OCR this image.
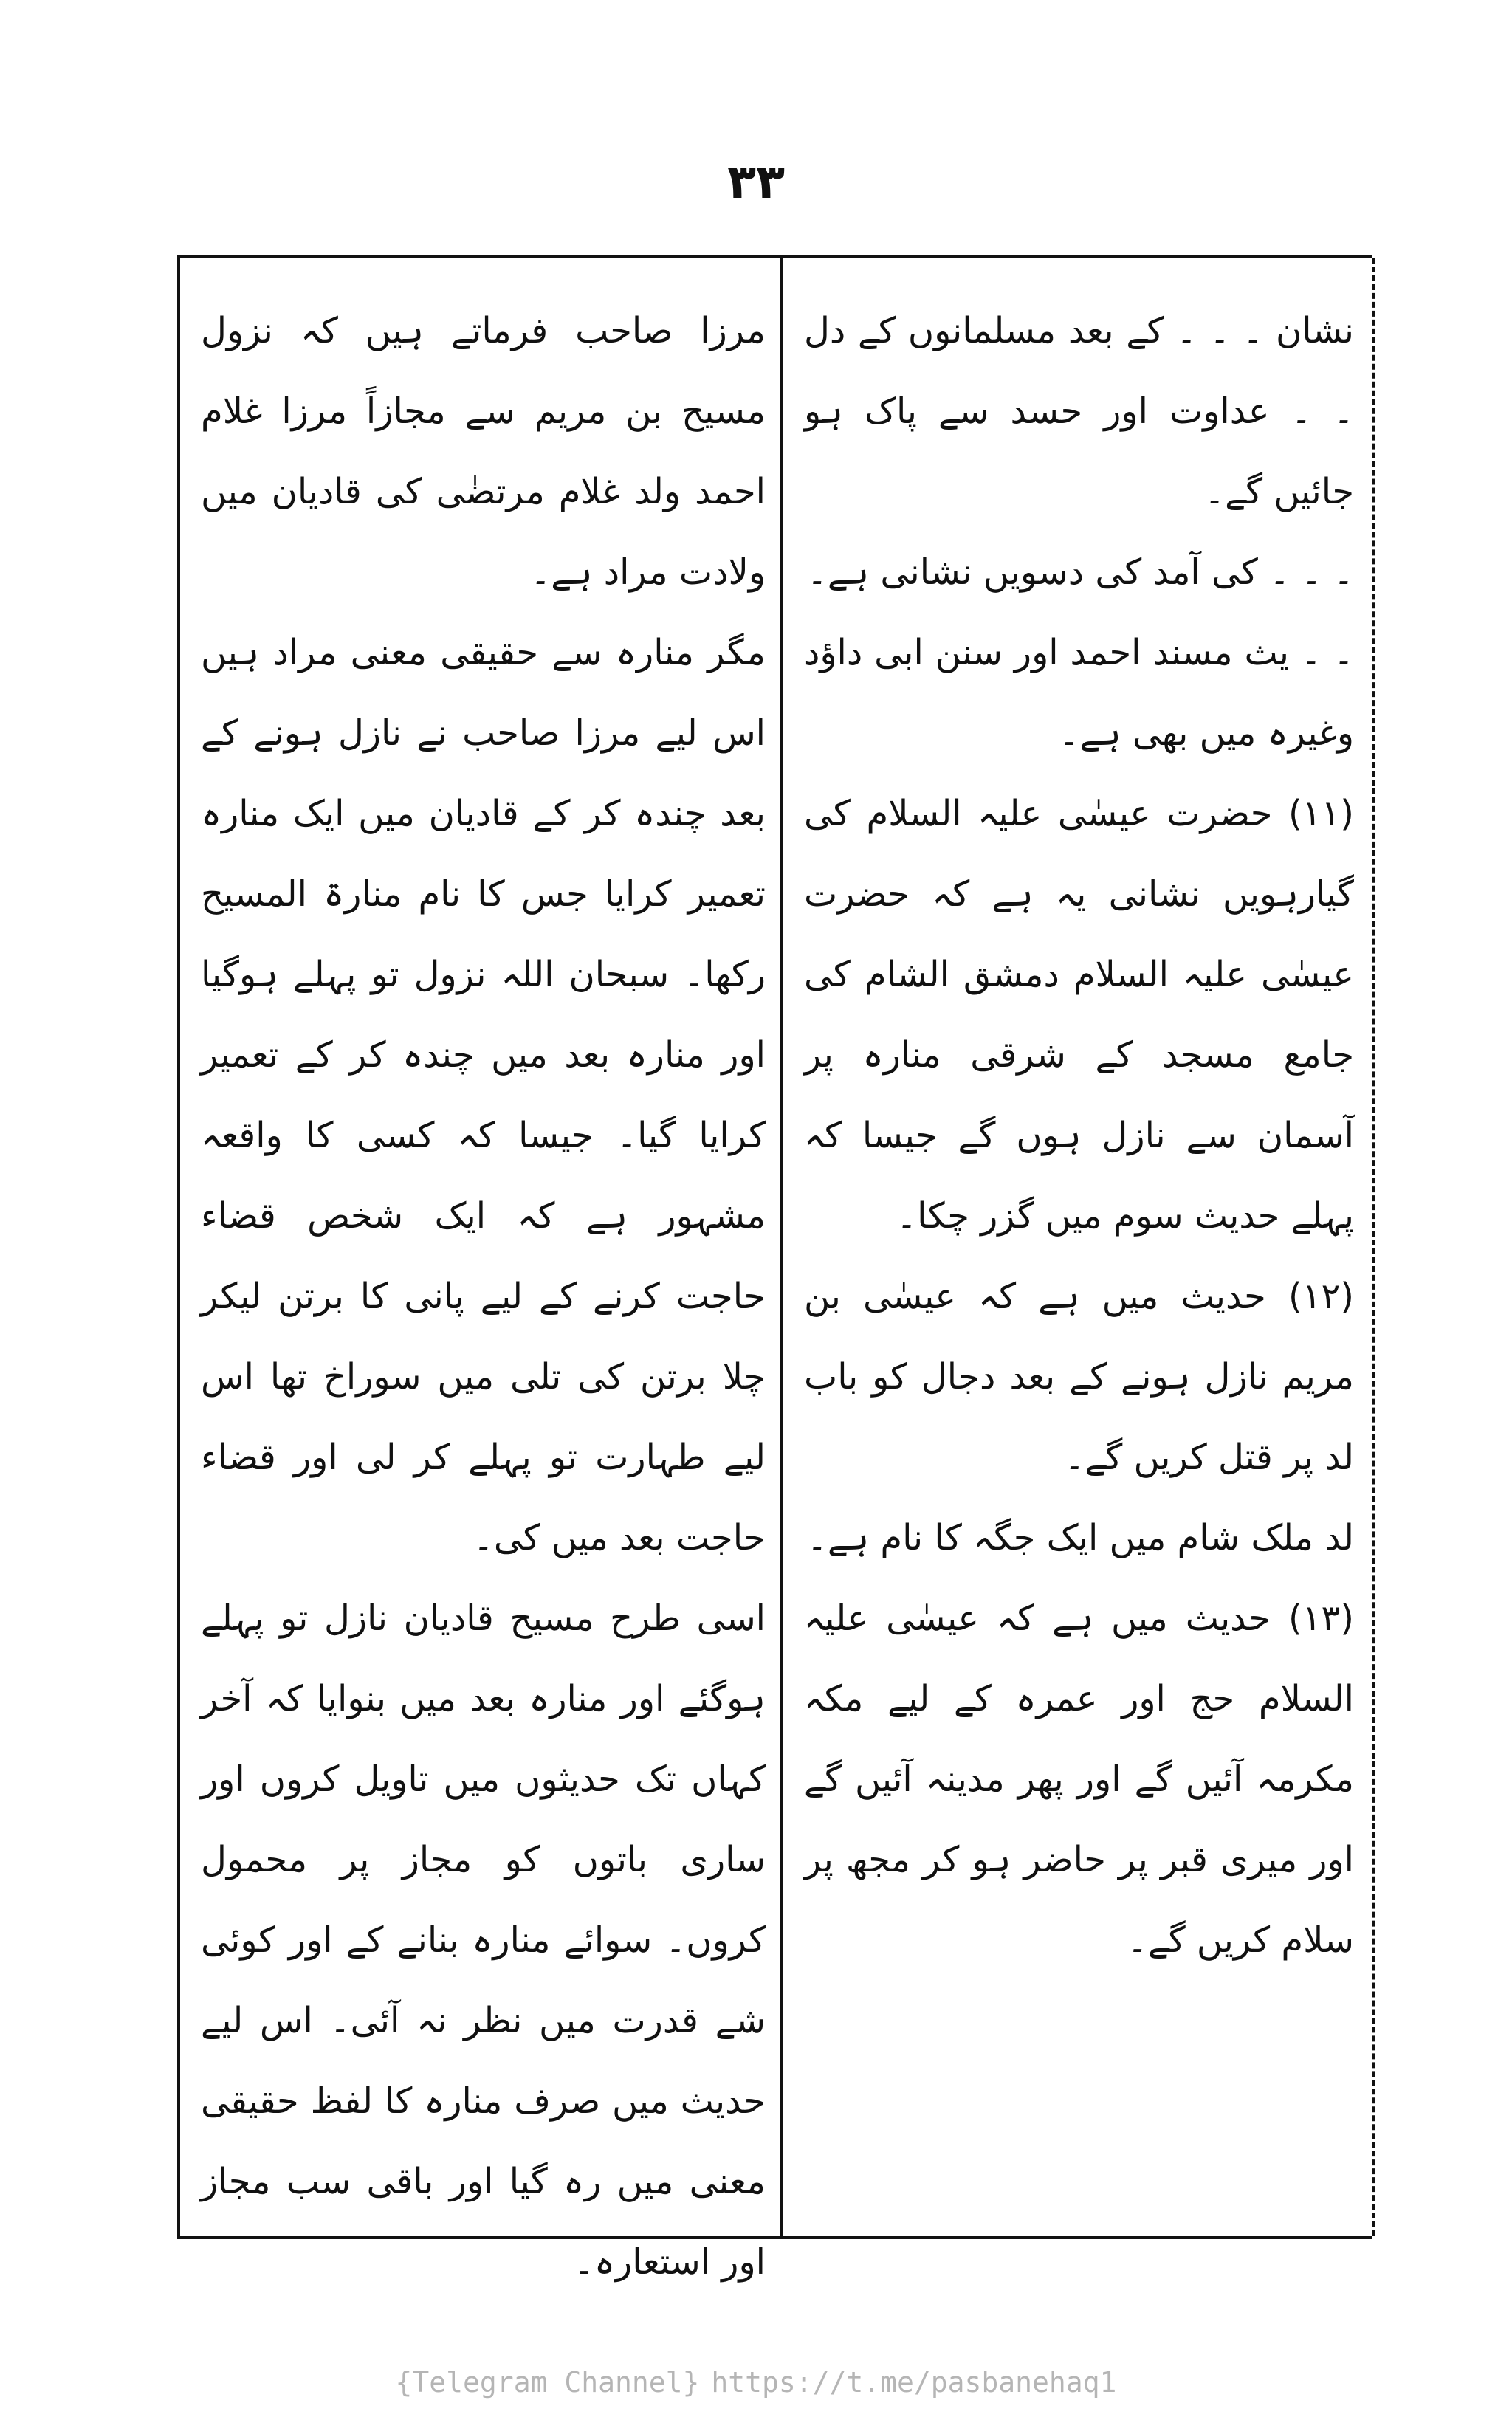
۳۳

نشان ۔ ۔ ۔ کے بعد مسلمانوں کے دل ۔ ۔ عداوت اور حسد سے پاک ہو جائیں گے۔

۔ ۔ ۔ کی آمد کی دسویں نشانی ہے۔

۔ ۔ یث مسند احمد اور سنن ابی داؤد وغیرہ میں بھی ہے۔

(۱۱) حضرت عیسٰی علیہ السلام کی گیارہویں نشانی یہ ہے کہ حضرت عیسٰی علیہ السلام دمشق الشام کی جامع مسجد کے شرقی منارہ پر آسمان سے نازل ہوں گے جیسا کہ پہلے حدیث سوم میں گزر چکا۔

(۱۲) حدیث میں ہے کہ عیسٰی بن مریم نازل ہونے کے بعد دجال کو باب لد پر قتل کریں گے۔

لد ملک شام میں ایک جگہ کا نام ہے۔

(۱۳) حدیث میں ہے کہ عیسٰی علیہ السلام حج اور عمرہ کے لیے مکہ مکرمہ آئیں گے اور پھر مدینہ آئیں گے اور میری قبر پر حاضر ہو کر مجھ پر سلام کریں گے۔

مرزا صاحب فرماتے ہیں کہ نزول مسیح بن مریم سے مجازاً مرزا غلام احمد ولد غلام مرتضٰی کی قادیان میں ولادت مراد ہے۔

مگر منارہ سے حقیقی معنی مراد ہیں اس لیے مرزا صاحب نے نازل ہونے کے بعد چندہ کر کے قادیان میں ایک منارہ تعمیر کرایا جس کا نام منارۃ المسیح رکھا۔ سبحان اللہ نزول تو پہلے ہوگیا اور منارہ بعد میں چندہ کر کے تعمیر کرایا گیا۔ جیسا کہ کسی کا واقعہ مشہور ہے کہ ایک شخص قضاء حاجت کرنے کے لیے پانی کا برتن لیکر چلا برتن کی تلی میں سوراخ تھا اس لیے طہارت تو پہلے کر لی اور قضاء حاجت بعد میں کی۔

اسی طرح مسیح قادیان نازل تو پہلے ہوگئے اور منارہ بعد میں بنوایا کہ آخر کہاں تک حدیثوں میں تاویل کروں اور ساری باتوں کو مجاز پر محمول کروں۔ سوائے منارہ بنانے کے اور کوئی شے قدرت میں نظر نہ آئی۔ اس لیے حدیث میں صرف منارہ کا لفظ حقیقی معنی میں رہ گیا اور باقی سب مجاز اور استعارہ۔

{Telegram Channel} https://t.me/pasbanehaq1
